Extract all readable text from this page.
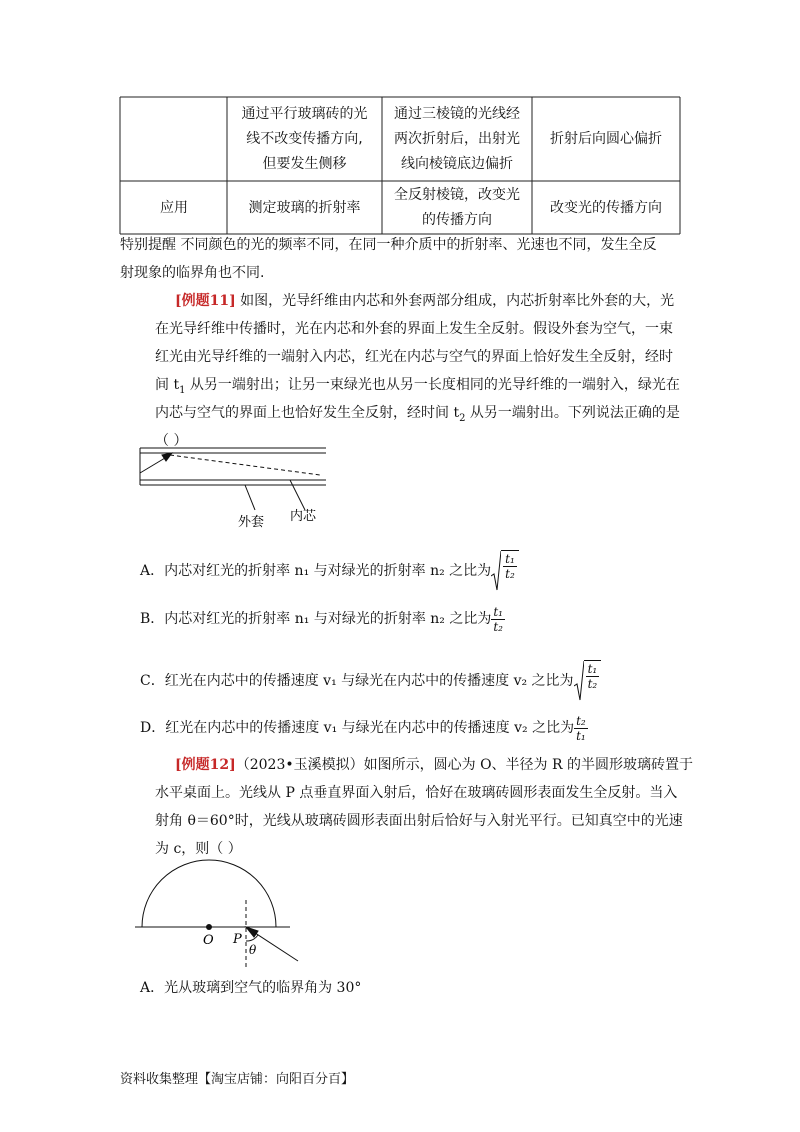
通过平行玻璃砖的光
线不改变传播方向,
但要发生侧移
通过三棱镜的光线经
两次折射后，出射光
线向棱镜底边偏折
折射后向圆心偏折
应用	测定玻璃的折射率
全反射棱镜，改变光
的传播方向
改变光的传播方向
特别提醒 不同颜色的光的频率不同，在同一种介质中的折射率、光速也不同，发生全反
射现象的临界角也不同.
[例题11] 如图，光导纤维由内芯和外套两部分组成，内芯折射率比外套的大，光
在光导纤维中传播时，光在内芯和外套的界面上发生全反射。假设外套为空气，一束
红光由光导纤维的一端射入内芯，红光在内芯与空气的界面上恰好发生全反射，经时
间 $t_1$ 从另一端射出；让另一束绿光也从另一长度相同的光导纤维的一端射入，绿光在
内芯与空气的界面上也恰好发生全反射，经时间 $t_2$ 从另一端射出。下列说法正确的是
（ ）
外套 内芯
A．内芯对红光的折射率 n₁ 与对绿光的折射率 n₂ 之比为 $\frac{\text{t₁}}{\text{t₂}}$
B．内芯对红光的折射率 n₁ 与对绿光的折射率 n₂ 之比为 $\frac{\text{t₁}}{\text{t₂}}$
C．红光在内芯中的传播速度 v₁ 与绿光在内芯中的传播速度 v₂ 之比为 $\frac{\text{t₁}}{\text{t₂}}$
D．红光在内芯中的传播速度 v₁ 与绿光在内芯中的传播速度 v₂ 之比为 $\frac{\text{t₂}}{\text{t₁}}$
[例题12]（2023•玉溪模拟）如图所示，圆心为 O、半径为 R 的半圆形玻璃砖置于
水平桌面上。光线从 P 点垂直界面入射后，恰好在玻璃砖圆形表面发生全反射。当入
射角 θ＝60°时，光线从玻璃砖圆形表面出射后恰好与入射光平行。已知真空中的光速
为 c，则（ ）
O P
θ
A．光从玻璃到空气的临界角为 30°
资料收集整理【淘宝店铺：向阳百分百】
